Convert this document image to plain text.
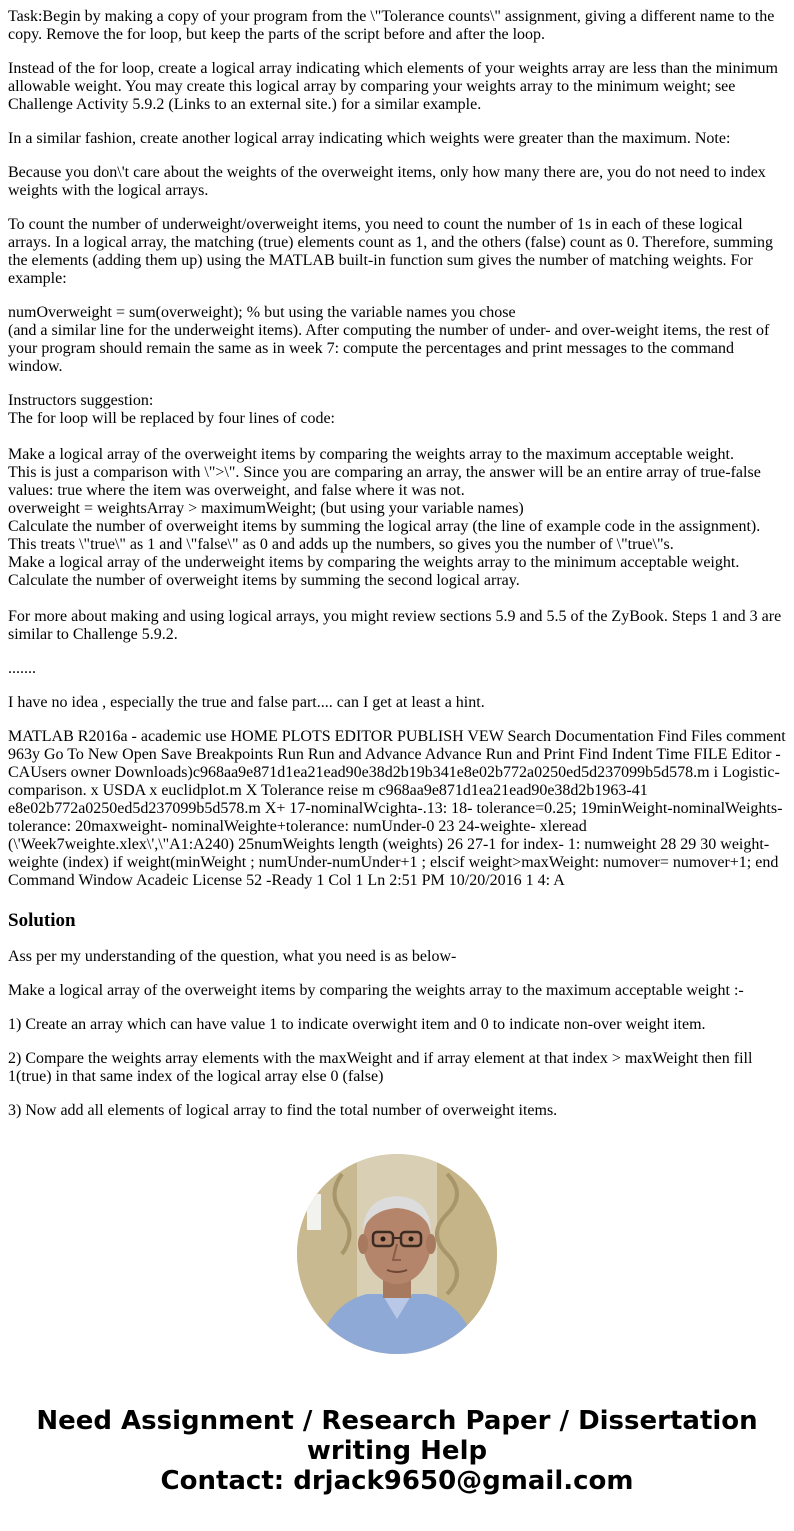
Task:Begin by making a copy of your program from the \"Tolerance counts\" assignment, giving a different name to the copy. Remove the for loop, but keep the parts of the script before and after the loop.

Instead of the for loop, create a logical array indicating which elements of your weights array are less than the minimum allowable weight. You may create this logical array by comparing your weights array to the minimum weight; see Challenge Activity 5.9.2 (Links to an external site.) for a similar example.

In a similar fashion, create another logical array indicating which weights were greater than the maximum. Note:

Because you don\'t care about the weights of the overweight items, only how many there are, you do not need to index weights with the logical arrays.

To count the number of underweight/overweight items, you need to count the number of 1s in each of these logical arrays. In a logical array, the matching (true) elements count as 1, and the others (false) count as 0. Therefore, summing the elements (adding them up) using the MATLAB built-in function sum gives the number of matching weights. For example:

numOverweight = sum(overweight); % but using the variable names you chose
(and a similar line for the underweight items). After computing the number of under- and over-weight items, the rest of your program should remain the same as in week 7: compute the percentages and print messages to the command window.

Instructors suggestion:
The for loop will be replaced by four lines of code:

Make a logical array of the overweight items by comparing the weights array to the maximum acceptable weight.
This is just a comparison with \">\". Since you are comparing an array, the answer will be an entire array of true-false values: true where the item was overweight, and false where it was not.
overweight = weightsArray > maximumWeight; (but using your variable names)
Calculate the number of overweight items by summing the logical array (the line of example code in the assignment). This treats \"true\" as 1 and \"false\" as 0 and adds up the numbers, so gives you the number of \"true\"s.
Make a logical array of the underweight items by comparing the weights array to the minimum acceptable weight.
Calculate the number of overweight items by summing the second logical array.

For more about making and using logical arrays, you might review sections 5.9 and 5.5 of the ZyBook. Steps 1 and 3 are similar to Challenge 5.9.2.

.......

I have no idea , especially the true and false part.... can I get at least a hint.

MATLAB R2016a - academic use HOME PLOTS EDITOR PUBLISH VEW Search Documentation Find Files comment 963y Go To New Open Save Breakpoints Run Run and Advance Advance Run and Print Find Indent Time FILE Editor - CAUsers owner Downloads)c968aa9e871d1ea21ead90e38d2b19b341e8e02b772a0250ed5d237099b5d578.m i Logistic-comparison. x USDA x euclidplot.m X Tolerance reise m c968aa9e871d1ea21ead90e38d2b1963-41 e8e02b772a0250ed5d237099b5d578.m X+ 17-nominalWcighta-.13: 18- tolerance=0.25; 19minWeight-nominalWeights-tolerance: 20maxweight- nominalWeighte+tolerance: numUnder-0 23 24-weighte- xleread (\'Week7weighte.xlex\',\"A1:A240) 25numWeights length (weights) 26 27-1 for index- 1: numweight 28 29 30 weight-weighte (index) if weight(minWeight ; numUnder-numUnder+1 ; elscif weight>maxWeight: numover= numover+1; end Command Window Acadeic License 52 -Ready 1 Col 1 Ln 2:51 PM 10/20/2016 1 4: A

Solution

Ass per my understanding of the question, what you need is as below-

Make a logical array of the overweight items by comparing the weights array to the maximum acceptable weight :-

1) Create an array which can have value 1 to indicate overwight item and 0 to indicate non-over weight item.

2) Compare the weights array elements with the maxWeight and if array element at that index > maxWeight then fill 1(true) in that same index of the logical array else 0 (false)

3) Now add all elements of logical array to find the total number of overweight items.

Need Assignment / Research Paper / Dissertation
writing Help
Contact: drjack9650@gmail.com
